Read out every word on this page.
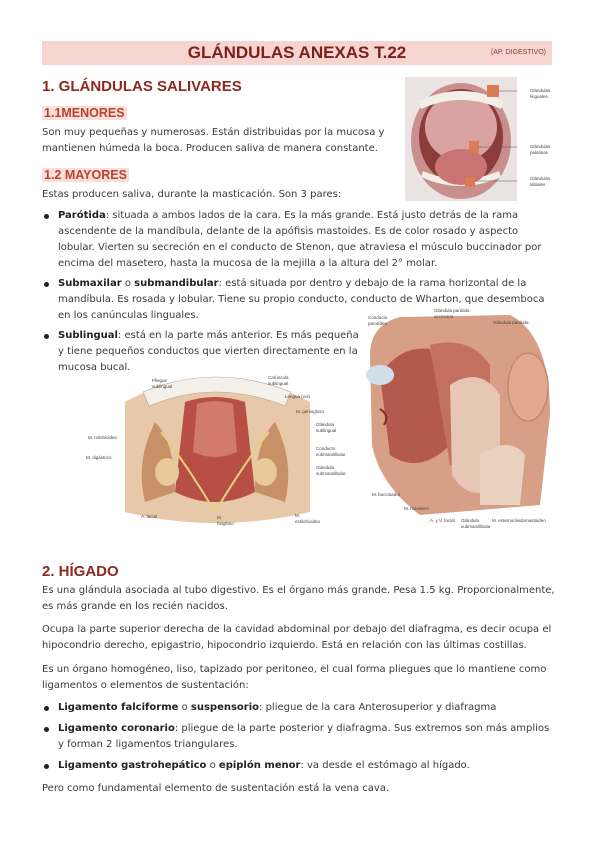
GLÁNDULAS ANEXAS T.22	(AP. DIGESTIVO)
1. GLÁNDULAS SALIVARES
1.1MENORES

Son muy pequeñas y numerosas. Están distribuidas por la mucosa y mantienen húmeda la boca. Producen saliva de manera constante.

1.2 MAYORES

Estas producen saliva, durante la masticación. Son 3 pares:

Parótida: situada a ambos lados de la cara. Es la más grande. Está justo detrás de la rama ascendente de la mandíbula, delante de la apófisis mastoides. Es de color rosado y aspecto lobular. Vierten su secreción en el conducto de Stenon, que atraviesa el músculo buccinador por encima del masetero, hasta la mucosa de la mejilla a la altura del 2° molar.
Submaxilar o submandibular: está situada por dentro y debajo de la rama horizontal de la mandíbula. Es rosada y lobular. Tiene su propio conducto, conducto de Wharton, que desemboca en los canúnculas linguales.
Sublingual: está en la parte más anterior. Es más pequeña y tiene pequeños conductos que vierten directamente en la mucosa bucal.
Glándulas linguales
Glándulas palatinas
Glándulas labiales
Pliegue sublingual
Carúncula sublingual
Lengua (vol)
M. geniogloso
Glándula sublingual
Conducto submandibular
M. milohioideo
Glándula submandibular
M. digástrico
A. facial	M. hiogloso
M. estilohioideo
Conducto parotídeo
Glándula parótida accesoria
Glándula parótida
M. buccinador
M. masetero
A. y V. facial	Glándula submandibular
M. esternocleidomastoideo
2. HÍGADO

Es una glándula asociada al tubo digestivo. Es el órgano más grande. Pesa 1.5 kg. Proporcionalmente, es más grande en los recién nacidos.

Ocupa la parte superior derecha de la cavidad abdominal por debajo del diafragma, es decir ocupa el hipocondrio derecho, epigastrio, hipocondrio izquierdo. Está en relación con las últimas costillas.

Es un órgano homogéneo, liso, tapizado por peritoneo, el cual forma pliegues que lo mantiene como ligamentos o elementos de sustentación:

Ligamento falciforme o suspensorio: pliegue de la cara Anterosuperior y diafragma
Ligamento coronario: pliegue de la parte posterior y diafragma. Sus extremos son más amplios y forman 2 ligamentos triangulares.
Ligamento gastrohepático o epiplón menor: va desde el estómago al hígado.

Pero como fundamental elemento de sustentación está la vena cava.
